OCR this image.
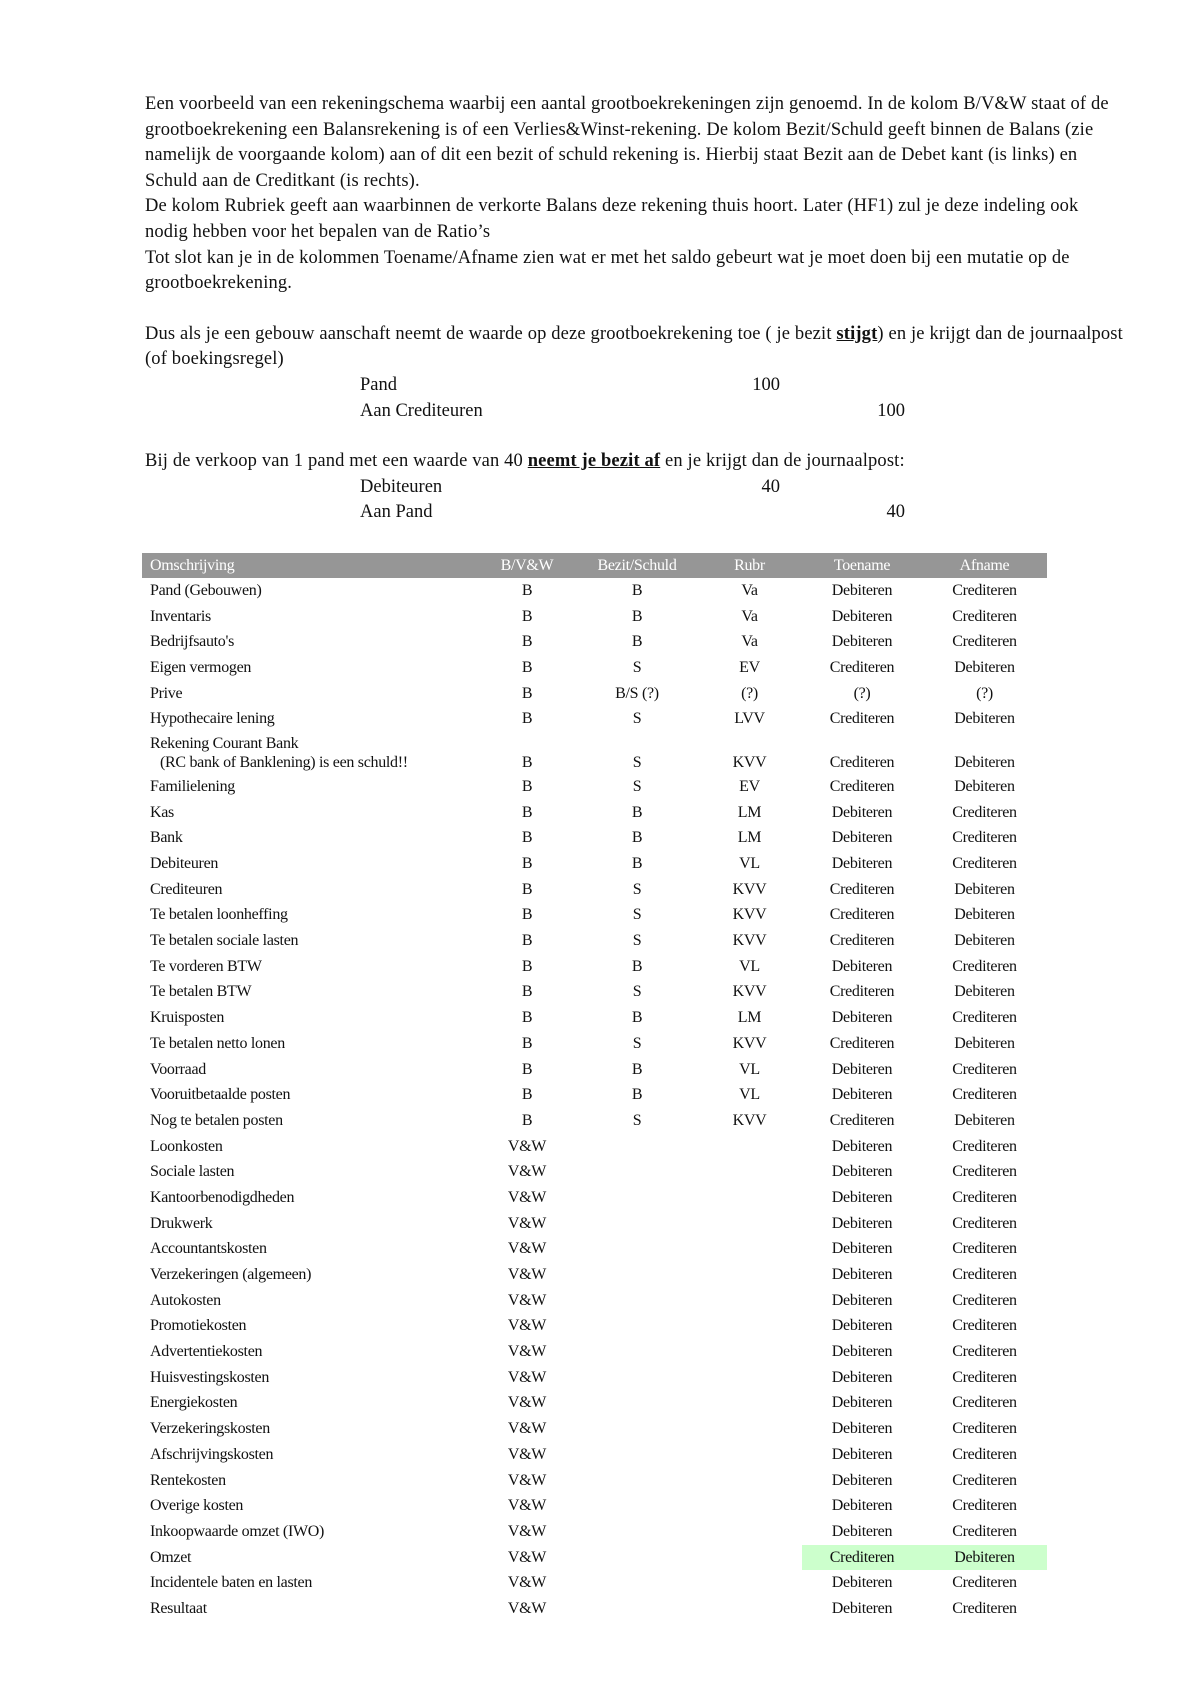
Een voorbeeld van een rekeningschema waarbij een aantal grootboekrekeningen zijn genoemd. In de kolom B/V&W staat of de grootboekrekening een Balansrekening is of een Verlies&Winst-rekening. De kolom Bezit/Schuld geeft binnen de Balans (zie namelijk de voorgaande kolom) aan of dit een bezit of schuld rekening is. Hierbij staat Bezit aan de Debet kant (is links) en Schuld aan de Creditkant (is rechts).

De kolom Rubriek geeft aan waarbinnen de verkorte Balans deze rekening thuis hoort. Later (HF1) zul je deze indeling ook nodig hebben voor het bepalen van de Ratio’s

Tot slot kan je in de kolommen Toename/Afname zien wat er met het saldo gebeurt wat je moet doen bij een mutatie op de grootboekrekening.

Dus als je een gebouw aanschaft neemt de waarde op deze grootboekrekening toe ( je bezit stijgt) en je krijgt dan de journaalpost (of boekingsregel)

Pand	100
Aan Crediteuren	100

Bij de verkoop van 1 pand met een waarde van 40 neemt je bezit af en je krijgt dan de journaalpost:

Debiteuren	40
Aan Pand	40
Omschrijving	B/V&W	Bezit/Schuld	Rubr	Toename	Afname
Pand (Gebouwen)	B	B	Va	Debiteren	Crediteren
Inventaris	B	B	Va	Debiteren	Crediteren
Bedrijfsauto's	B	B	Va	Debiteren	Crediteren
Eigen vermogen	B	S	EV	Crediteren	Debiteren
Prive	B	B/S (?)	(?)	(?)	(?)
Hypothecaire lening	B	S	LVV	Crediteren	Debiteren
Rekening Courant Bank

(RC bank of Banklening) is een schuld!!	B	S	KVV	Crediteren	Debiteren
Familielening	B	S	EV	Crediteren	Debiteren
Kas	B	B	LM	Debiteren	Crediteren
Bank	B	B	LM	Debiteren	Crediteren
Debiteuren	B	B	VL	Debiteren	Crediteren
Crediteuren	B	S	KVV	Crediteren	Debiteren
Te betalen loonheffing	B	S	KVV	Crediteren	Debiteren
Te betalen sociale lasten	B	S	KVV	Crediteren	Debiteren
Te vorderen BTW	B	B	VL	Debiteren	Crediteren
Te betalen BTW	B	S	KVV	Crediteren	Debiteren
Kruisposten	B	B	LM	Debiteren	Crediteren
Te betalen netto lonen	B	S	KVV	Crediteren	Debiteren
Voorraad	B	B	VL	Debiteren	Crediteren
Vooruitbetaalde posten	B	B	VL	Debiteren	Crediteren
Nog te betalen posten	B	S	KVV	Crediteren	Debiteren
Loonkosten	V&W			Debiteren	Crediteren
Sociale lasten	V&W			Debiteren	Crediteren
Kantoorbenodigdheden	V&W			Debiteren	Crediteren
Drukwerk	V&W			Debiteren	Crediteren
Accountantskosten	V&W			Debiteren	Crediteren
Verzekeringen (algemeen)	V&W			Debiteren	Crediteren
Autokosten	V&W			Debiteren	Crediteren
Promotiekosten	V&W			Debiteren	Crediteren
Advertentiekosten	V&W			Debiteren	Crediteren
Huisvestingskosten	V&W			Debiteren	Crediteren
Energiekosten	V&W			Debiteren	Crediteren
Verzekeringskosten	V&W			Debiteren	Crediteren
Afschrijvingskosten	V&W			Debiteren	Crediteren
Rentekosten	V&W			Debiteren	Crediteren
Overige kosten	V&W			Debiteren	Crediteren
Inkoopwaarde omzet (IWO)	V&W			Debiteren	Crediteren
Omzet	V&W			Crediteren	Debiteren
Incidentele baten en lasten	V&W			Debiteren	Crediteren
Resultaat	V&W			Debiteren	Crediteren
